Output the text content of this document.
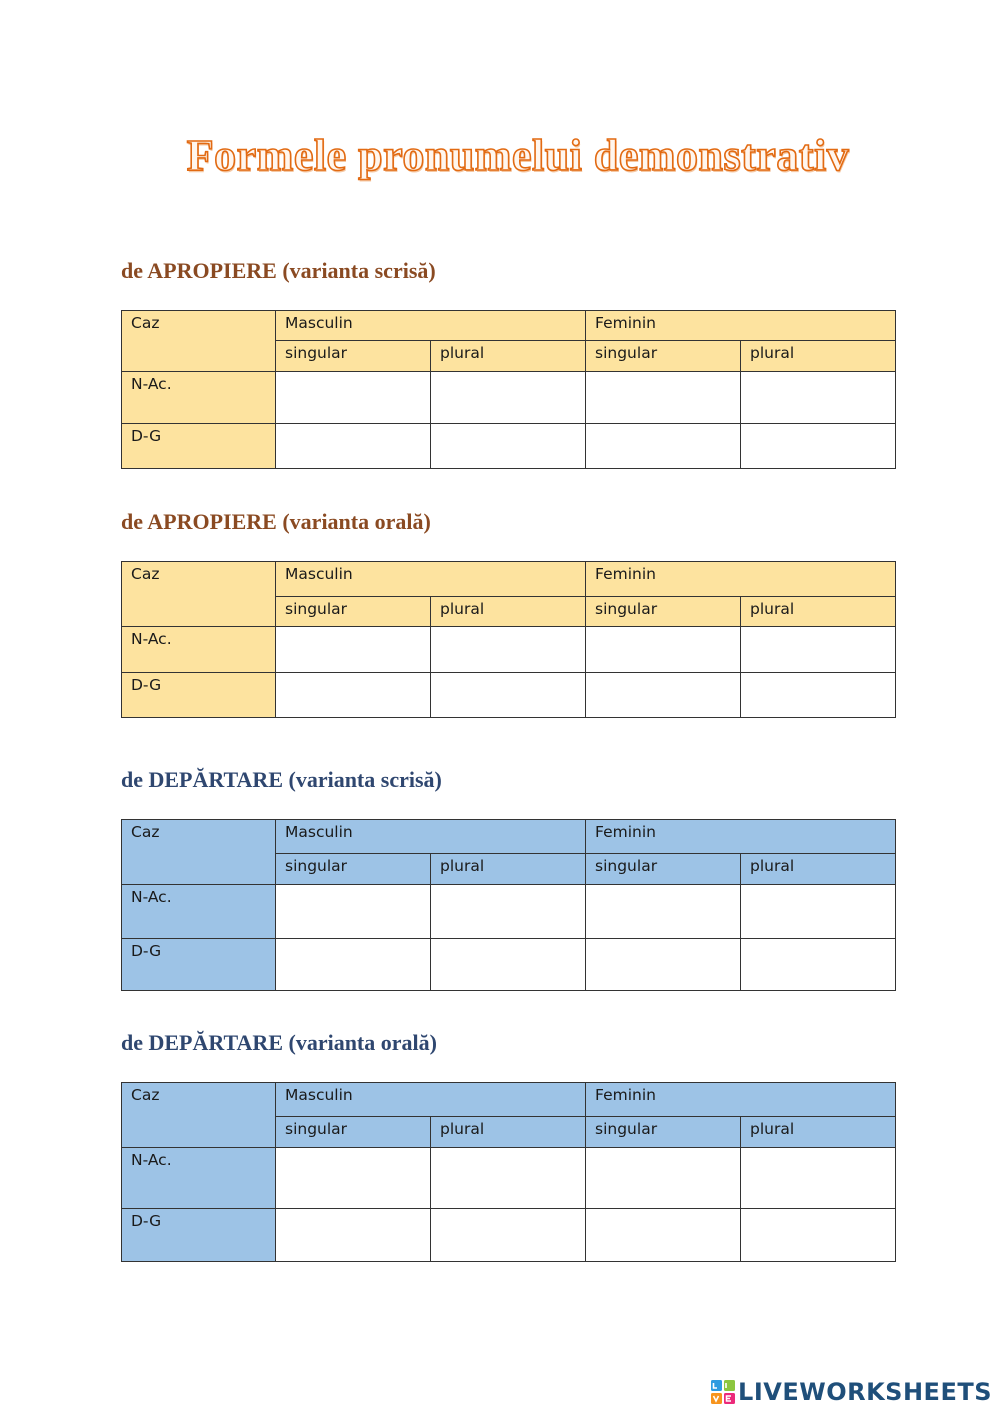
Formele pronumelui demonstrativ
de APROPIERE (varianta scrisă)
Caz	Masculin		Feminin	
	singular	plural	singular	plural
N-Ac.				
D-G				
de APROPIERE (varianta orală)
Caz	Masculin		Feminin	
	singular	plural	singular	plural
N-Ac.				
D-G				
de DEPĂRTARE (varianta scrisă)
Caz	Masculin		Feminin	
	singular	plural	singular	plural
N-Ac.				
D-G				
de DEPĂRTARE (varianta orală)
Caz	Masculin		Feminin	
	singular	plural	singular	plural
N-Ac.				
D-G				
LIVEWORKSHEETS
